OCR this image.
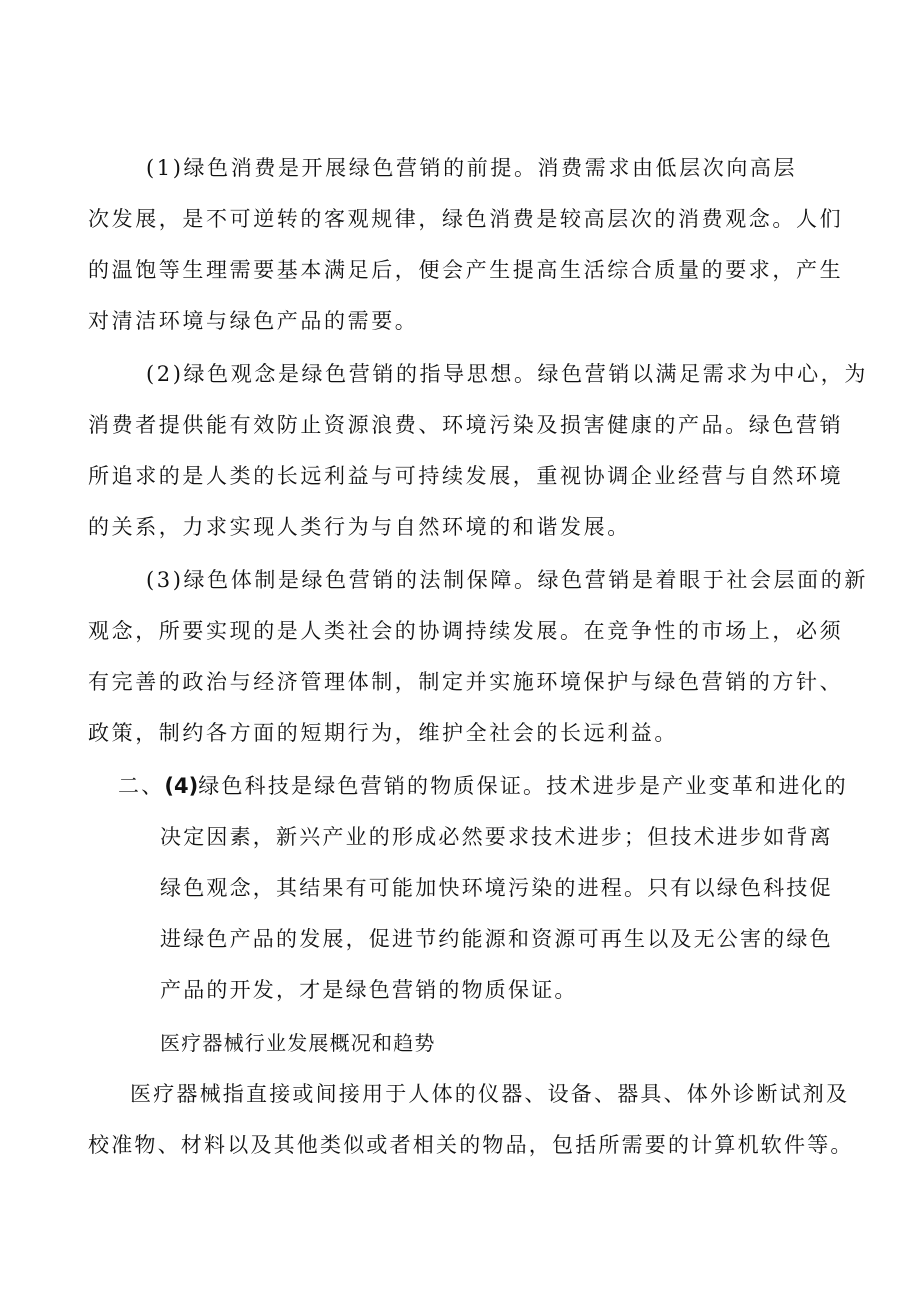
(1)绿色消费是开展绿色营销的前提。消费需求由低层次向高层
次发展，是不可逆转的客观规律，绿色消费是较高层次的消费观念。人们
的温饱等生理需要基本满足后，便会产生提高生活综合质量的要求，产生
对清洁环境与绿色产品的需要。
(2)绿色观念是绿色营销的指导思想。绿色营销以满足需求为中心，为
消费者提供能有效防止资源浪费、环境污染及损害健康的产品。绿色营销
所追求的是人类的长远利益与可持续发展，重视协调企业经营与自然环境
的关系，力求实现人类行为与自然环境的和谐发展。
(3)绿色体制是绿色营销的法制保障。绿色营销是着眼于社会层面的新
观念，所要实现的是人类社会的协调持续发展。在竞争性的市场上，必须
有完善的政治与经济管理体制，制定并实施环境保护与绿色营销的方针、
政策，制约各方面的短期行为，维护全社会的长远利益。
二、(4)绿色科技是绿色营销的物质保证。技术进步是产业变革和进化的
决定因素，新兴产业的形成必然要求技术进步；但技术进步如背离
绿色观念，其结果有可能加快环境污染的进程。只有以绿色科技促
进绿色产品的发展，促进节约能源和资源可再生以及无公害的绿色
产品的开发，才是绿色营销的物质保证。
医疗器械行业发展概况和趋势
医疗器械指直接或间接用于人体的仪器、设备、器具、体外诊断试剂及
校准物、材料以及其他类似或者相关的物品，包括所需要的计算机软件等。
